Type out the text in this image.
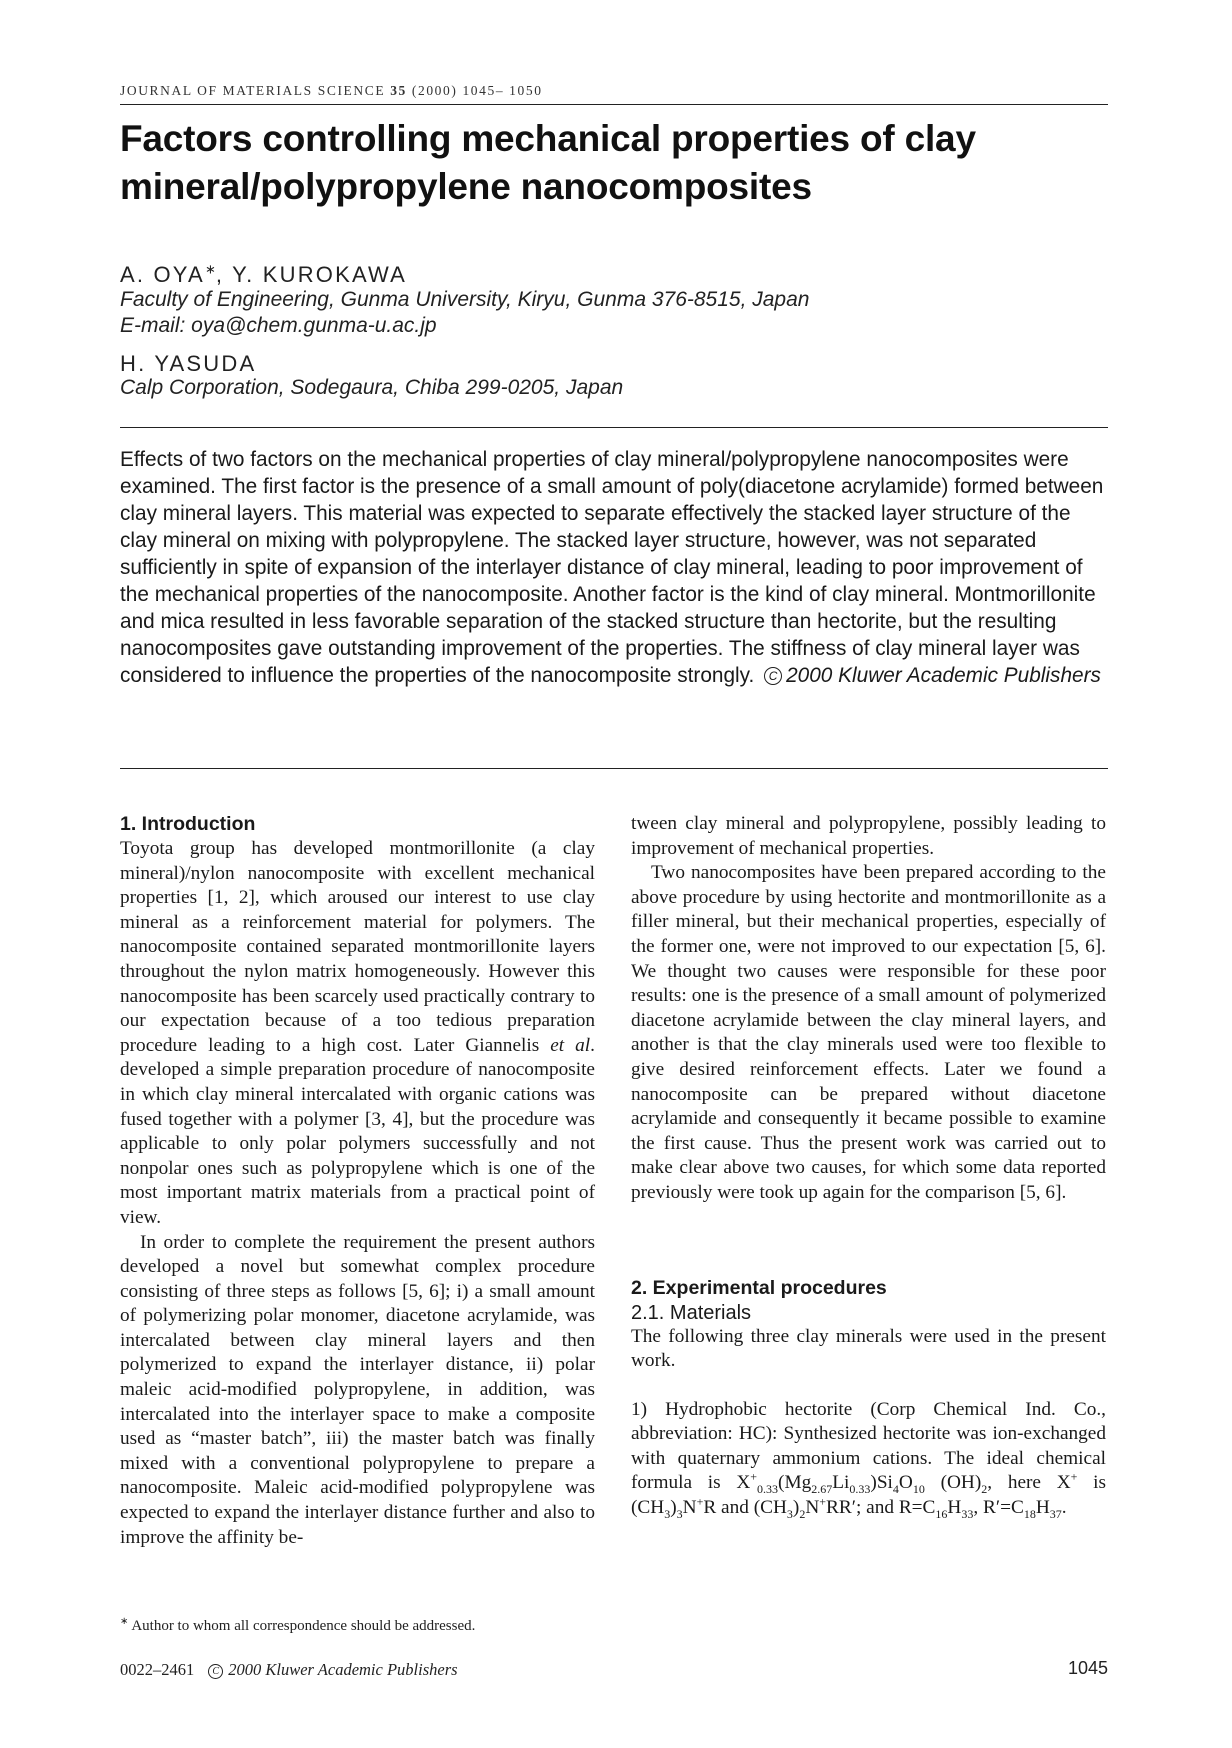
JOURNAL OF MATERIALS SCIENCE 35 (2000) 1045– 1050
Factors controlling mechanical properties of clay
mineral/polypropylene nanocomposites
A. OYA∗, Y. KUROKAWA
Faculty of Engineering, Gunma University, Kiryu, Gunma 376-8515, Japan
E-mail: oya@chem.gunma-u.ac.jp
H. YASUDA
Calp Corporation, Sodegaura, Chiba 299-0205, Japan
Effects of two factors on the mechanical properties of clay mineral/polypropylene nanocomposites were examined. The first factor is the presence of a small amount of poly(diacetone acrylamide) formed between clay mineral layers. This material was expected to separate effectively the stacked layer structure of the clay mineral on mixing with polypropylene. The stacked layer structure, however, was not separated sufficiently in spite of expansion of the interlayer distance of clay mineral, leading to poor improvement of the mechanical properties of the nanocomposite. Another factor is the kind of clay mineral. Montmorillonite and mica resulted in less favorable separation of the stacked structure than hectorite, but the resulting nanocomposites gave outstanding improvement of the properties. The stiffness of clay mineral layer was considered to influence the properties of the nanocomposite strongly. C 2000 Kluwer Academic Publishers
1. Introduction

Toyota group has developed montmorillonite (a clay mineral)/nylon nanocomposite with excellent mechanical properties [1, 2], which aroused our interest to use clay mineral as a reinforcement material for polymers. The nanocomposite contained separated montmorillonite layers throughout the nylon matrix homogeneously. However this nanocomposite has been scarcely used practically contrary to our expectation because of a too tedious preparation procedure leading to a high cost. Later Giannelis et al. developed a simple preparation procedure of nanocomposite in which clay mineral intercalated with organic cations was fused together with a polymer [3, 4], but the procedure was applicable to only polar polymers successfully and not nonpolar ones such as polypropylene which is one of the most important matrix materials from a practical point of view.

In order to complete the requirement the present authors developed a novel but somewhat complex procedure consisting of three steps as follows [5, 6]; i) a small amount of polymerizing polar monomer, diacetone acrylamide, was intercalated between clay mineral layers and then polymerized to expand the interlayer distance, ii) polar maleic acid-modified polypropylene, in addition, was intercalated into the interlayer space to make a composite used as “master batch”, iii) the master batch was finally mixed with a conventional polypropylene to prepare a nanocomposite. Maleic acid-modified polypropylene was expected to expand the interlayer distance further and also to improve the affinity be-

tween clay mineral and polypropylene, possibly leading to improvement of mechanical properties.

Two nanocomposites have been prepared according to the above procedure by using hectorite and montmorillonite as a filler mineral, but their mechanical properties, especially of the former one, were not improved to our expectation [5, 6]. We thought two causes were responsible for these poor results: one is the presence of a small amount of polymerized diacetone acrylamide between the clay mineral layers, and another is that the clay minerals used were too flexible to give desired reinforcement effects. Later we found a nanocomposite can be prepared without diacetone acrylamide and consequently it became possible to examine the first cause. Thus the present work was carried out to make clear above two causes, for which some data reported previously were took up again for the comparison [5, 6].

2. Experimental procedures
2.1. Materials

The following three clay minerals were used in the present work.

1) Hydrophobic hectorite (Corp Chemical Ind. Co., abbreviation: HC): Synthesized hectorite was ion-exchanged with quaternary ammonium cations. The ideal chemical formula is $X^+_{0.33}(Mg_{2.67}Li_{0.33})Si_4O_{10}$ $(OH)_2$, here X+ is $(CH_3)_3N^+R$ and $(CH_3)_2N^+RR'$; and $R=C_{16}H_{33}$, $R'=C_{18}H_{37}$.

∗ Author to whom all correspondence should be addressed.
0022–2461 C 2000 Kluwer Academic Publishers	1045
